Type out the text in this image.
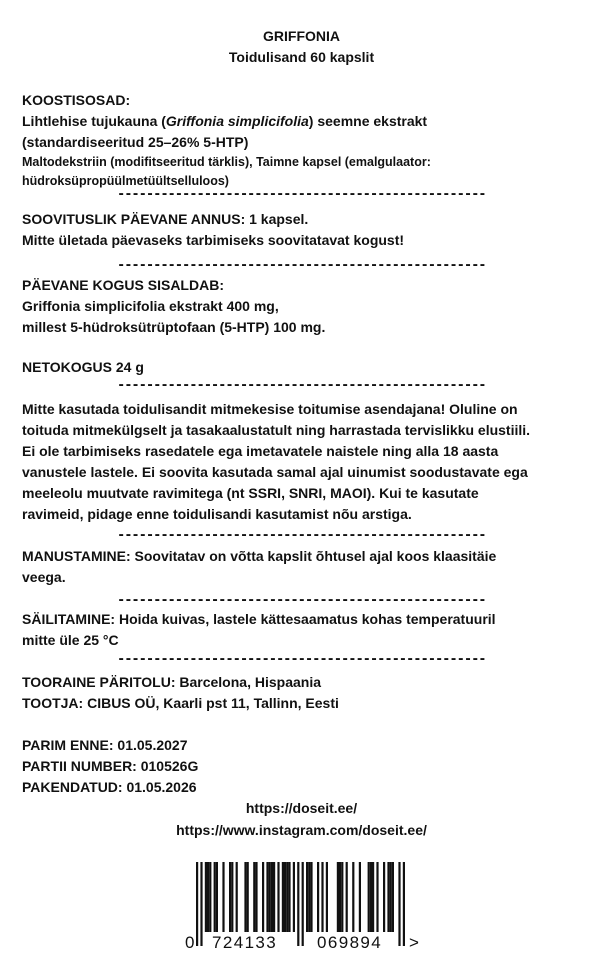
GRIFFONIA
Toidulisand 60 kapslit
KOOSTISOSAD:
Lihtlehise tujukauna (Griffonia simplicifolia) seemne ekstrakt
(standardiseeritud 25–26% 5-HTP)
Maltodekstriin (modifitseeritud tärklis), Taimne kapsel (emalgulaator:
hüdroksüpropüülmetüültselluloos)
---------------------------------------------------
SOOVITUSLIK PÄEVANE ANNUS: 1 kapsel.
Mitte ületada päevaseks tarbimiseks soovitatavat kogust!
---------------------------------------------------
PÄEVANE KOGUS SISALDAB:
Griffonia simplicifolia ekstrakt 400 mg,
millest 5-hüdroksütrüptofaan (5-HTP) 100 mg.
NETOKOGUS 24 g
---------------------------------------------------
Mitte kasutada toidulisandit mitmekesise toitumise asendajana! Oluline on
toituda mitmekülgselt ja tasakaalustatult ning harrastada tervislikku elustiili.
Ei ole tarbimiseks rasedatele ega imetavatele naistele ning alla 18 aasta
vanustele lastele. Ei soovita kasutada samal ajal uinumist soodustavate ega
meeleolu muutvate ravimitega (nt SSRI, SNRI, MAOI). Kui te kasutate
ravimeid, pidage enne toidulisandi kasutamist nõu arstiga.
---------------------------------------------------
MANUSTAMINE: Soovitatav on võtta kapslit õhtusel ajal koos klaasitäie
veega.
---------------------------------------------------
SÄILITAMINE: Hoida kuivas, lastele kättesaamatus kohas temperatuuril
mitte üle 25 °C
---------------------------------------------------
TOORAINE PÄRITOLU: Barcelona, Hispaania
TOOTJA: CIBUS OÜ, Kaarli pst 11, Tallinn, Eesti
PARIM ENNE: 01.05.2027
PARTII NUMBER: 010526G
PAKENDATUD: 01.05.2026
https://doseit.ee/
https://www.instagram.com/doseit.ee/
0 724133 069894 >
